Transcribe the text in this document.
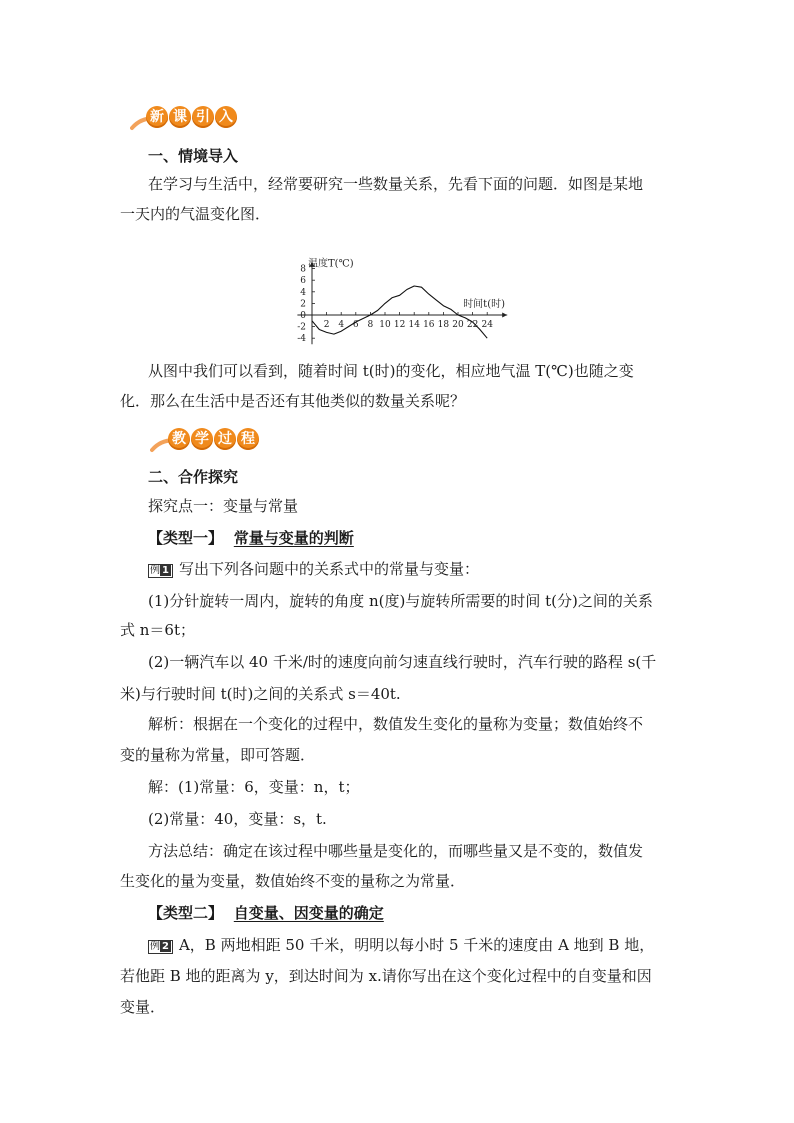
新 课 引 入
一、情境导入
在学习与生活中，经常要研究一些数量关系，先看下面的问题．如图是某地
一天内的气温变化图．
-4
-2
0
2
4
6
8
2 4 6 8 10 12 14 16 18 20 22 24
温度T(℃)
时间t(时)
从图中我们可以看到，随着时间 t(时)的变化，相应地气温 T(℃)也随之变
化．那么在生活中是否还有其他类似的数量关系呢？
教 学 过 程
二、合作探究
探究点一：变量与常量
【类型一】 常量与变量的判断
例 1 写出下列各问题中的关系式中的常量与变量：
(1)分针旋转一周内，旋转的角度 n(度)与旋转所需要的时间 t(分)之间的关系
式 n＝6t；
(2)一辆汽车以 40 千米/时的速度向前匀速直线行驶时，汽车行驶的路程 s(千
米)与行驶时间 t(时)之间的关系式 s＝40t.
解析：根据在一个变化的过程中，数值发生变化的量称为变量；数值始终不
变的量称为常量，即可答题．
解：(1)常量：6，变量：n，t；
(2)常量：40，变量：s，t.
方法总结：确定在该过程中哪些量是变化的，而哪些量又是不变的，数值发
生变化的量为变量，数值始终不变的量称之为常量．
【类型二】 自变量、因变量的确定
例 2 A，B 两地相距 50 千米，明明以每小时 5 千米的速度由 A 地到 B 地，
若他距 B 地的距离为 y，到达时间为 x.请你写出在这个变化过程中的自变量和因
变量．
